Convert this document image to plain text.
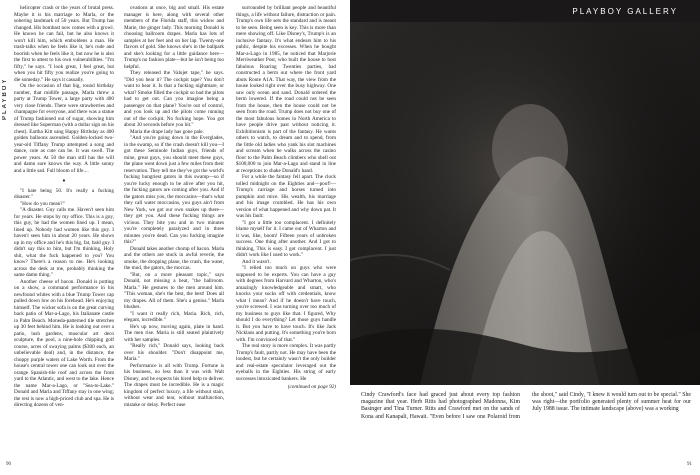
PLAYBOY

helicopter crash or the years of brutal press. Maybe it is his marriage to Marla, or the sobering landmark of 50 years. But Trump has changed. His bombast now comes with a growl. He knows he can fail, but he also knows it won't kill him, which emboldens a man. He trash-talks when he feels like it, he's rude and boorish when he feels like it, but now he is also the first to attest to his own vulnerabilities. "I'm fifty," he says. "I look great, I feel great, but when you hit fifty you realize you're going to die someday." He says it casually.

On the occasion of that big, round birthday number, that midlife passage, Marla threw a party at Trump Tower, a large party with 400 very close friends. There were strawberries and champagne for everyone, and there was a statue of Trump fashioned out of sugar, showing him dressed like Superman (with a dollar sign on his chest). Eartha Kitt sang Happy Birthday as 400 golden balloons ascended. Golden-locked two-year-old Tiffany Trump attempted a song and dance, cute as cute can be. It was swell. The power years. At 50 the man still has the will and damn sure knows the way. A little sunny and a little sad. Full bloom of life....

♦

"I hate being 50. It's really a fucking disaster."

"How do you mean?"

"A disaster. Guy calls me. Haven't seen him for years. He stops by my office. This is a guy, this guy, he had the women lined up. I mean, lined up. Nobody had women like this guy. I haven't seen him in about 20 years. He shows up in my office and he's this big, fat, bald guy. I didn't say this to him, but I'm thinking, Holy shit, what the fuck happened to you? You know? There's a reason to me. He's looking across the desk at me, probably thinking the same damn thing."

Another cheese of bacon. Donald is putting on a show, a command performance in his newfound whites with a blue Trump Tower cap pulled down low on his forehead. He's enjoying himself. The wicker sofa is on the great curving back patio of Mar-a-Lago, his Italianate castle in Palm Beach. Moneda-patterned tile stretches up 30 feet behind him. He is looking out over a patio, lush gardens, muscular art deco sculpture, the pool, a nine-hole chipping golf course, acres of swaying palms ($300 each, an unbelievable deal) and, in the distance, the choppy purple waters of Lake Worth. From the house's central tower one can look out over the orange Spanish-tile roof and across the front yard to the Atlantic, and west to the lake. Hence the name Mar-a-Lago, or "Sea-to-Lake." Donald and Marla and Tiffany stay in one wing; the rest is now a high-priced club and spa. He is directing dozens of ven-

ovations at once, big and small. His estate manager is here, along with several other members of the Florida staff, this widow and Marie, the ginger lady. This morning Donald is choosing ballroom drapes. Marla has lots of samples at her feet and on her lap. Twenty-one flavors of gold. She knows she's in the ballpark and she's looking for a little guidance here—Trump's no fashion plate—but he isn't being too helpful.

They released the Valujet tape," he says. "Did you hear it? The cockpit tape? You don't want to hear it. Is that a fucking nightmare, or what? Smoke filled the cockpit so bad the pilots had to get out. Can you imagine being a passenger on that plane? You're out of control, and you look up and the pilots come running out of the cockpit. No fucking hope. You got about 30 seconds before you hit."

Maria the drape lady has gone pale.

"And you're going down in the Everglades, in the swamp, so if the crash doesn't kill you—I got these Seminole Indian guys, friends of mine, great guys, you should meet these guys, the plane went down just a few miles from their reservation. They tell me they've got the world's fucking hungriest gators in this swamp—so if you're lucky enough to be alive after you hit, the fucking gators are coming after you. And if the gators miss you, the moccasins—that's what they call water moccasins, you guys ain't from New York, we got our own snakes up there—they get you. And these fucking things are vicious. They bite you and in two minutes you're completely paralyzed and in three minutes you're dead. Can you fucking imagine this?"

Donald takes another chomp of bacon. Marla and the others are stuck in awful reverie, the smoke, the dropping plane, the crash, the water, the mud, the gators, the moccas.

"But, on a more pleasant topic," says Donald, not missing a beat, "the ballroom. Marla." He gestures to the men around him. "This woman, she's the best, the best! Does all my drapes. All of them. She's a genius." Marla blushes.

"I want it really rich, Maria. Rich, rich, elegant, incredible."

He's up now, moving again, plate in hand. The men rise. Maria is still seated plaintively with her samples.

"Really rich," Donald says, looking back over his shoulder. "Don't disappoint me, Maria."

Performance is all with Trump. Fortune is his business, no less than it was with Walt Disney, and he expects his hired help to deliver. The drapes must be incredible. He is a magic kingdom of perfect luxury, a life without stain, without wear and tear, without malfunction, mistake or delay. Perfect ease

surrounded by brilliant people and beautiful things, a life without failure, distraction or pain. Trump's own life sets the standard and is meant to be seen. Being seen is key. This is more than mere showing off. Like Disney's, Trump's is an inclusive fantasy. It's what endears him to his public, despite his excesses. When he bought Mar-a-Lago in 1985, he noticed that Marjorie Merriweather Post, who built the house to host fabulous Roaring Twenties parties, had constructed a berm out where the front yard abuts Route A1A. That way, the view from the house looked right over the busy highway. One saw only ocean and sand. Donald ordered the berm lowered. If the road could not be seen from the house, then the house could not be seen from the road. Trump does not buy one of the most fabulous homes in North America to have people drive past without noticing it. Exhibitionism is part of the fantasy. He wants others to watch, to dream and to spend, from the little old ladies who yank his slot machines and scream when he walks across the casino floor to the Palm Beach climbers who shell out $100,000 to join Mar-a-Lago and stand in line at receptions to shake Donald's hand.

For a while the fantasy fell apart. The clock tolled midnight on the Eighties and—poof!—Trump's carriage and horses turned into pumpkin and mice. His wealth, his marriage and his image crumbled. He has his own version of what happened and why down pat. It was his fault:

"I got a little too complacent. I definitely blame myself for it. I came out of Wharton and it was, like, boom! Fifteen years of unbroken success. One thing after another. And I got to thinking, This is easy. I got complacent. I just didn't work like I used to work."

And it wasn't.

"I relied too much on guys who were supposed to be experts. You can have a guy with degrees from Harvard and Wharton, who's amazingly knowledgeable and smart, who knocks your socks off with credentials, know what I mean? And if he doesn't have touch, you're screwed. I was turning over too much of my business to guys like that. I figured, Why should I do everything? Let those guys handle it. But you have to have touch. It's like Jack Nicklaus and putting. It's something you're born with. I'm convinced of that."

The real story is more complex. It was partly Trump's fault, partly not. He may have been the loudest, but he certainly wasn't the only builder and real-estate speculator leveraged out the eyeballs in the Eighties. His string of early successes intoxicated bankers. He

(continued on page 92)

90
PLAYBOY GALLERY
Cindy Crawford's face had graced just about every top fashion magazine that year. Herb Ritts had photographed Madonna, Kim Basinger and Tina Turner. Ritts and Crawford met on the sands of Kona and Kanapali, Hawaii. "Even before I saw one Polaroid from the shoot," said Cindy, "I knew it would turn out to be special." She was right—the portfolio generated plenty of summer heat for our July 1988 issue. The intimate landscape (above) was a working
91
